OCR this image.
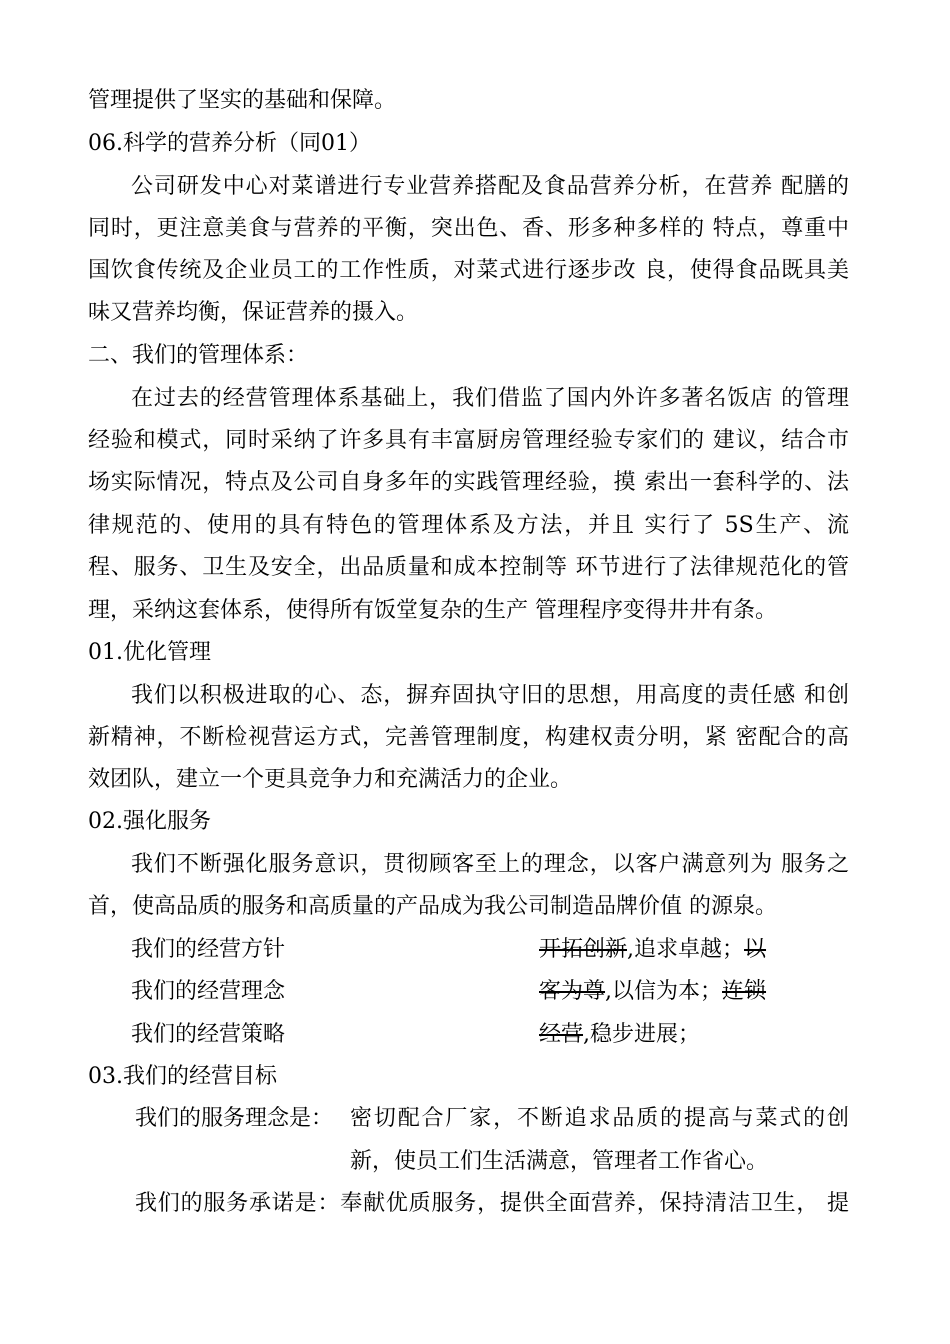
管理提供了坚实的基础和保障。
06.科学的营养分析（同01）
公司研发中心对菜谱进行专业营养搭配及食品营养分析，在营养 配膳的
同时，更注意美食与营养的平衡，突出色、香、形多种多样的 特点，尊重中
国饮食传统及企业员工的工作性质，对菜式进行逐步改 良，使得食品既具美
味又营养均衡，保证营养的摄入。
二、我们的管理体系：
在过去的经营管理体系基础上，我们借监了国内外许多著名饭店 的管理
经验和模式，同时采纳了许多具有丰富厨房管理经验专家们的 建议，结合市
场实际情况，特点及公司自身多年的实践管理经验，摸 索出一套科学的、法
律规范的、使用的具有特色的管理体系及方法，并且 实行了 5S生产、流
程、服务、卫生及安全，出品质量和成本控制等 环节进行了法律规范化的管
理，采纳这套体系，使得所有饭堂复杂的生产 管理程序变得井井有条。
01.优化管理
我们以积极进取的心、态，摒弃固执守旧的思想，用高度的责任感 和创
新精神，不断检视营运方式，完善管理制度，构建权责分明，紧 密配合的高
效团队，建立一个更具竞争力和充满活力的企业。
02.强化服务
我们不断强化服务意识，贯彻顾客至上的理念，以客户满意列为 服务之
首，使高品质的服务和高质量的产品成为我公司制造品牌价值 的源泉。
我们的经营方针
我们的经营理念
我们的经营策略
开拓创新,追求卓越；以
客为尊,以信为本；连锁
经营,稳步进展；
03.我们的经营目标
我们的服务理念是： 密切配合厂家，不断追求品质的提高与菜式的创
新，使员工们生活满意，管理者工作省心。
我们的服务承诺是：奉献优质服务，提供全面营养，保持清洁卫生， 提
